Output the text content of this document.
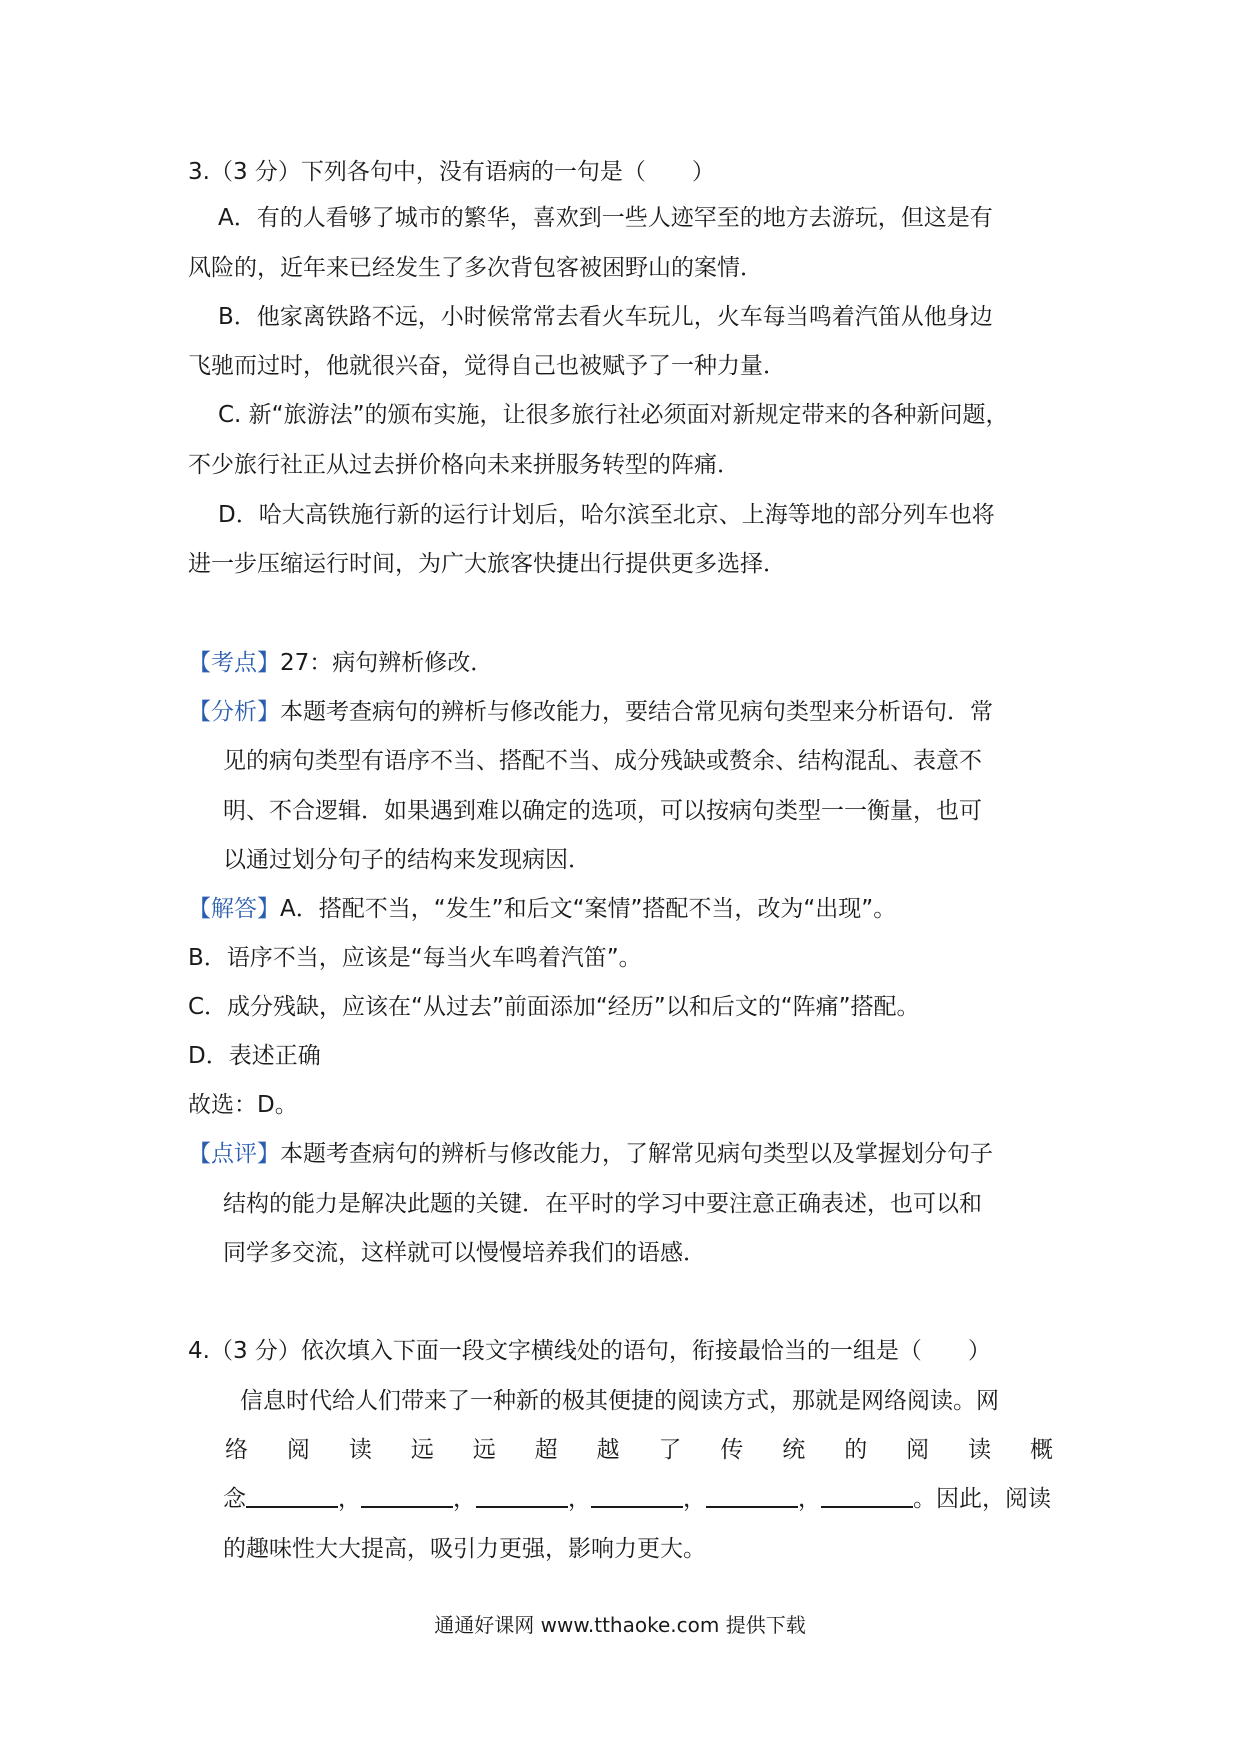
3.（3 分）下列各句中，没有语病的一句是（　　）
A．有的人看够了城市的繁华，喜欢到一些人迹罕至的地方去游玩，但这是有
风险的，近年来已经发生了多次背包客被困野山的案情．
B．他家离铁路不远，小时候常常去看火车玩儿，火车每当鸣着汽笛从他身边
飞驰而过时，他就很兴奋，觉得自己也被赋予了一种力量．
C. 新“旅游法”的颁布实施，让很多旅行社必须面对新规定带来的各种新问题，
不少旅行社正从过去拼价格向未来拼服务转型的阵痛．
D．哈大高铁施行新的运行计划后，哈尔滨至北京、上海等地的部分列车也将
进一步压缩运行时间，为广大旅客快捷出行提供更多选择．
【考点】27：病句辨析修改．
【分析】本题考查病句的辨析与修改能力，要结合常见病句类型来分析语句．常
见的病句类型有语序不当、搭配不当、成分残缺或赘余、结构混乱、表意不
明、不合逻辑．如果遇到难以确定的选项，可以按病句类型一一衡量，也可
以通过划分句子的结构来发现病因．
【解答】A．搭配不当，“发生”和后文“案情”搭配不当，改为“出现”。
B．语序不当，应该是“每当火车鸣着汽笛”。
C．成分残缺，应该在“从过去”前面添加“经历”以和后文的“阵痛”搭配。
D．表述正确
故选：D。
【点评】本题考查病句的辨析与修改能力，了解常见病句类型以及掌握划分句子
结构的能力是解决此题的关键．在平时的学习中要注意正确表述，也可以和
同学多交流，这样就可以慢慢培养我们的语感．
4.（3 分）依次填入下面一段文字横线处的语句，衔接最恰当的一组是（　　）
信息时代给人们带来了一种新的极其便捷的阅读方式，那就是网络阅读。网
络 阅 读 远 远 超 越 了 传 统 的 阅 读 概
念	，	，	，	，	，	。因此，阅读
的趣味性大大提高，吸引力更强，影响力更大。
通通好课网 www.tthaoke.com 提供下载
